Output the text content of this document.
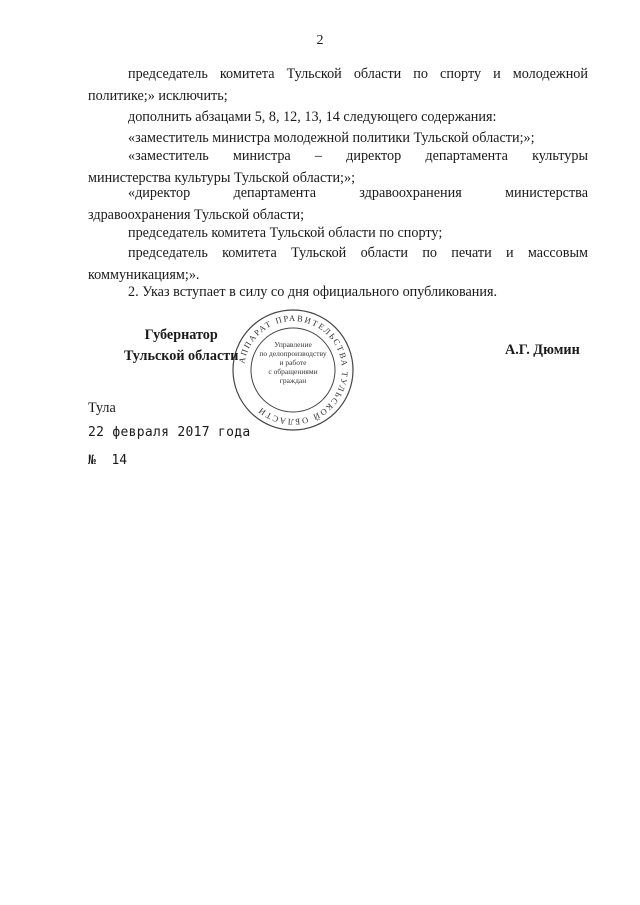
2

председатель комитета Тульской области по спорту и молодежной
политике;» исключить;

дополнить абзацами 5, 8, 12, 13, 14 следующего содержания:

«заместитель министра молодежной политики Тульской области;»;

«заместитель министра – директор департамента культуры
министерства культуры Тульской области;»;

«директор департамента здравоохранения министерства
здравоохранения Тульской области;

председатель комитета Тульской области по спорту;

председатель комитета Тульской области по печати и массовым
коммуникациям;».

2. Указ вступает в силу со дня официального опубликования.

АППАРАТ ПРАВИТЕЛЬСТВА ТУЛЬСКОЙ ОБЛАСТИ
Управление
по делопроизводству
и работе
с обращениями
граждан
Губернатор
Тульской области	А.Г. Дюмин
Тула
22 февраля 2017 года
№ 14
